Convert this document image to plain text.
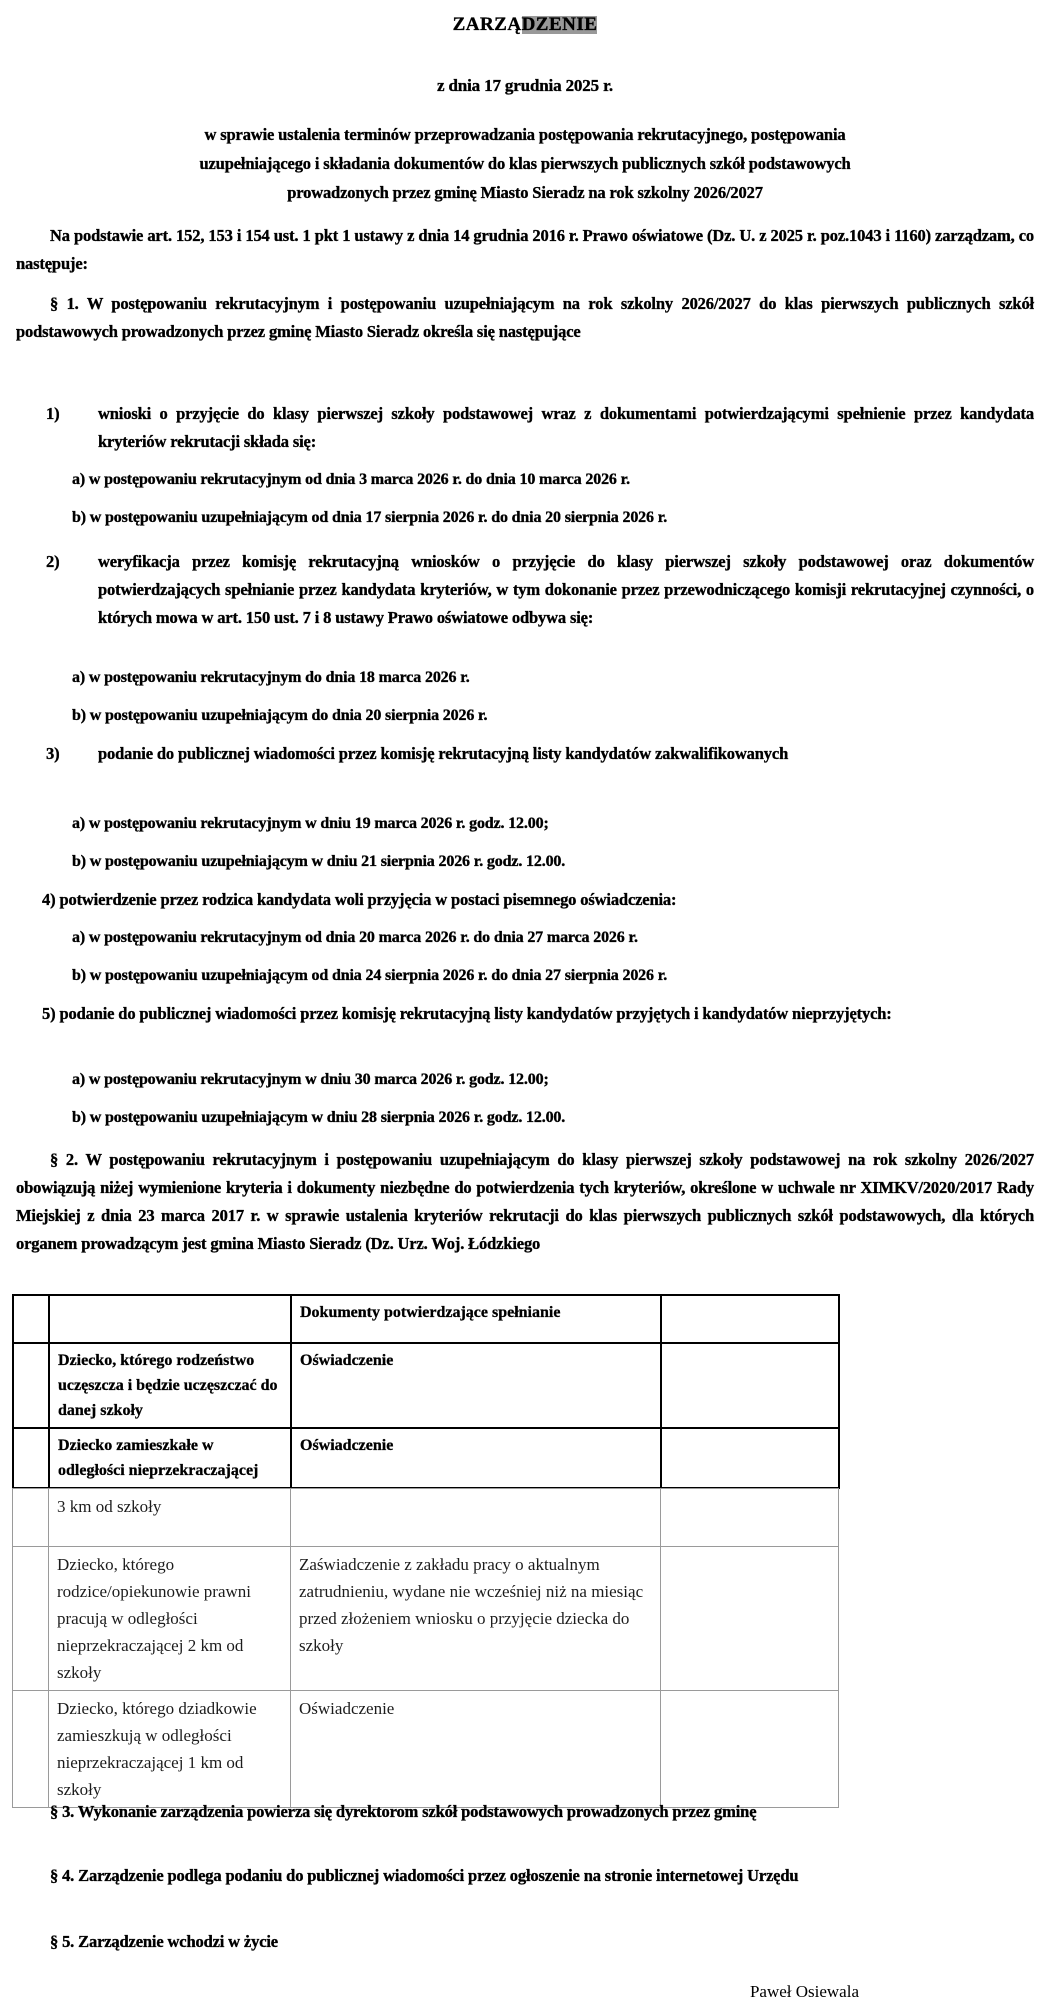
ZARZĄDZENIE
z dnia 17 grudnia 2025 r.
w sprawie ustalenia terminów przeprowadzania postępowania rekrutacyjnego, postępowania
uzupełniającego i składania dokumentów do klas pierwszych publicznych szkół podstawowych
prowadzonych przez gminę Miasto Sieradz na rok szkolny 2026/2027
Na podstawie art. 152, 153 i 154 ust. 1 pkt 1 ustawy z dnia 14 grudnia 2016 r. Prawo oświatowe (Dz. U. z 2025 r. poz.1043 i 1160) zarządzam, co następuje:
§ 1. W postępowaniu rekrutacyjnym i postępowaniu uzupełniającym na rok szkolny 2026/2027 do klas pierwszych publicznych szkół podstawowych prowadzonych przez gminę Miasto Sieradz określa się następujące
1) wnioski o przyjęcie do klasy pierwszej szkoły podstawowej wraz z dokumentami potwierdzającymi spełnienie przez kandydata kryteriów rekrutacji składa się:
a) w postępowaniu rekrutacyjnym od dnia 3 marca 2026 r. do dnia 10 marca 2026 r.
b) w postępowaniu uzupełniającym od dnia 17 sierpnia 2026 r. do dnia 20 sierpnia 2026 r.
2) weryfikacja przez komisję rekrutacyjną wniosków o przyjęcie do klasy pierwszej szkoły podstawowej oraz dokumentów potwierdzających spełnianie przez kandydata kryteriów, w tym dokonanie przez przewodniczącego komisji rekrutacyjnej czynności, o których mowa w art. 150 ust. 7 i 8 ustawy Prawo oświatowe odbywa się:
a) w postępowaniu rekrutacyjnym do dnia 18 marca 2026 r.
b) w postępowaniu uzupełniającym do dnia 20 sierpnia 2026 r.
3) podanie do publicznej wiadomości przez komisję rekrutacyjną listy kandydatów zakwalifikowanych
a) w postępowaniu rekrutacyjnym w dniu 19 marca 2026 r. godz. 12.00;
b) w postępowaniu uzupełniającym w dniu 21 sierpnia 2026 r. godz. 12.00.
4) potwierdzenie przez rodzica kandydata woli przyjęcia w postaci pisemnego oświadczenia:
a) w postępowaniu rekrutacyjnym od dnia 20 marca 2026 r. do dnia 27 marca 2026 r.
b) w postępowaniu uzupełniającym od dnia 24 sierpnia 2026 r. do dnia 27 sierpnia 2026 r.
5) podanie do publicznej wiadomości przez komisję rekrutacyjną listy kandydatów przyjętych i kandydatów nieprzyjętych:
a) w postępowaniu rekrutacyjnym w dniu 30 marca 2026 r. godz. 12.00;
b) w postępowaniu uzupełniającym w dniu 28 sierpnia 2026 r. godz. 12.00.
§ 2. W postępowaniu rekrutacyjnym i postępowaniu uzupełniającym do klasy pierwszej szkoły podstawowej na rok szkolny 2026/2027 obowiązują niżej wymienione kryteria i dokumenty niezbędne do potwierdzenia tych kryteriów, określone w uchwale nr XIMKV/2020/2017 Rady Miejskiej z dnia 23 marca 2017 r. w sprawie ustalenia kryteriów rekrutacji do klas pierwszych publicznych szkół podstawowych, dla których organem prowadzącym jest gmina Miasto Sieradz (Dz. Urz. Woj. Łódzkiego
		Dokumenty potwierdzające spełnianie	
	Dziecko, którego rodzeństwo uczęszcza i będzie uczęszczać do danej szkoły	Oświadczenie	
	Dziecko zamieszkałe w odległości nieprzekraczającej	Oświadczenie	
	3 km od szkoły		
	Dziecko, którego rodzice/opiekunowie prawni pracują w odległości nieprzekraczającej 2 km od szkoły	Zaświadczenie z zakładu pracy o aktualnym zatrudnieniu, wydane nie wcześniej niż na miesiąc przed złożeniem wniosku o przyjęcie dziecka do szkoły	
	Dziecko, którego dziadkowie zamieszkują w odległości nieprzekraczającej 1 km od szkoły	Oświadczenie	
§ 3. Wykonanie zarządzenia powierza się dyrektorom szkół podstawowych prowadzonych przez gminę
§ 4. Zarządzenie podlega podaniu do publicznej wiadomości przez ogłoszenie na stronie internetowej Urzędu
§ 5. Zarządzenie wchodzi w życie
Paweł Osiewala
